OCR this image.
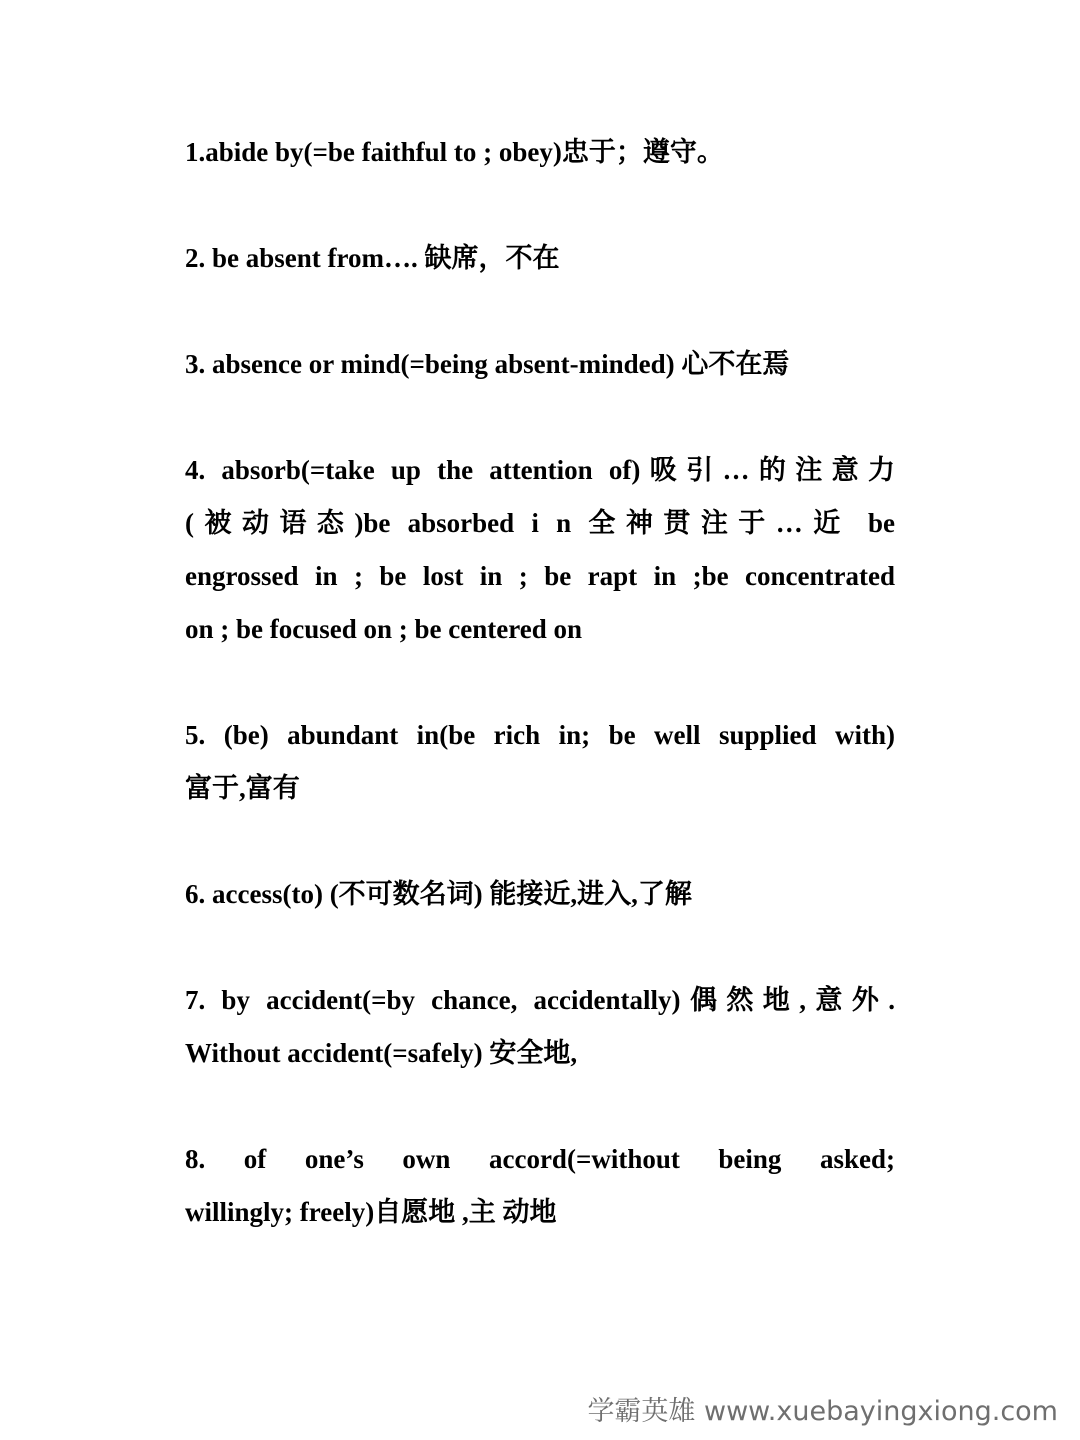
1.abide by(=be faithful to ; obey)忠于；遵守。
2. be absent from…. 缺席，不在
3. absence or mind(=being absent-minded) 心不在焉
4. absorb(=take up the attention of)吸引…的注意力
(被动语态)be absorbed i n 全神贯注于…近 be
engrossed in ; be lost in ; be rapt in ;be concentrated
on ; be focused on ; be centered on
5. (be) abundant in(be rich in; be well supplied with)
富于,富有
6. access(to) (不可数名词) 能接近,进入,了解
7. by accident(=by chance, accidentally)偶然地,意外.
Without accident(=safely) 安全地,
8. of one’s own accord(=without being asked;
willingly; freely)自愿地 ,主 动地
学霸英雄 www.xuebayingxiong.com
